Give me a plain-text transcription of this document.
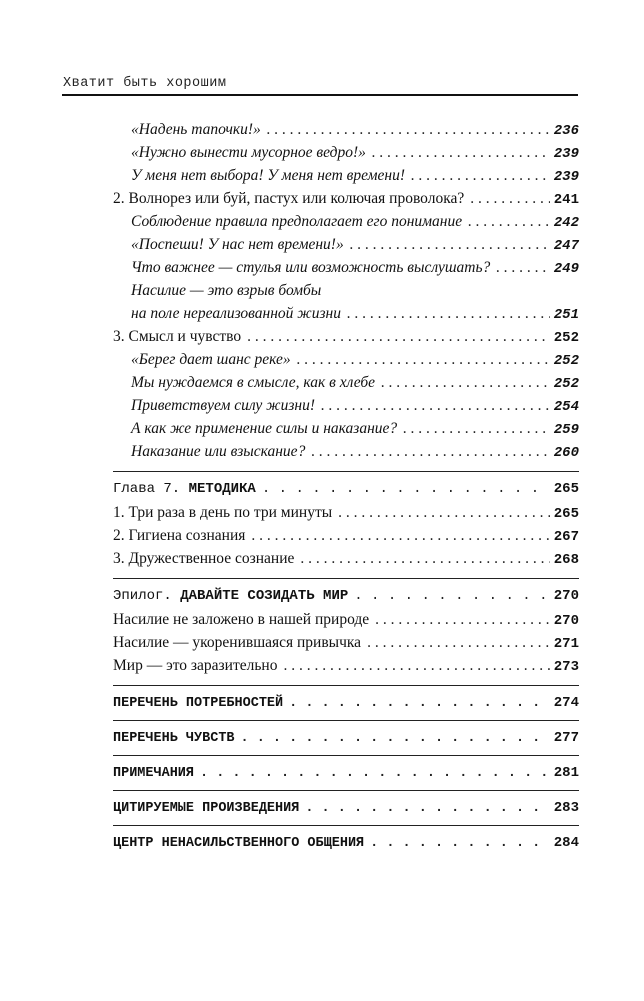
Хватит быть хорошим
«Надень тапочки!» . . .	236
«Нужно вынести мусорное ведро!» . . .	239
У меня нет выбора! У меня нет времени! . . .	239
2. Волнорез или буй, пастух или колючая проволока? . . .	241
Соблюдение правила предполагает его понимание . . .	242
«Поспеши! У нас нет времени!» . . .	247
Что важнее — стулья или возможность выслушать? . . .	249
Насилие — это взрыв бомбы
на поле нереализованной жизни . . .	251
3. Смысл и чувство . . .	252
«Берег дает шанс реке» . . .	252
Мы нуждаемся в смысле, как в хлебе . . .	252
Приветствуем силу жизни! . . .	254
А как же применение силы и наказание? . . .	259
Наказание или взыскание? . . .	260
Глава 7. МЕТОДИКА . . .	265
1. Три раза в день по три минуты . . .	265
2. Гигиена сознания . . .	267
3. Дружественное сознание . . .	268
Эпилог. ДАВАЙТЕ СОЗИДАТЬ МИР . . .	270
Насилие не заложено в нашей природе . . .	270
Насилие — укоренившаяся привычка . . .	271
Мир — это заразительно . . .	273
ПЕРЕЧЕНЬ ПОТРЕБНОСТЕЙ . . .	274
ПЕРЕЧЕНЬ ЧУВСТВ . . .	277
ПРИМЕЧАНИЯ . . .	281
ЦИТИРУЕМЫЕ ПРОИЗВЕДЕНИЯ . . .	283
ЦЕНТР НЕНАСИЛЬСТВЕННОГО ОБЩЕНИЯ . . .	284
